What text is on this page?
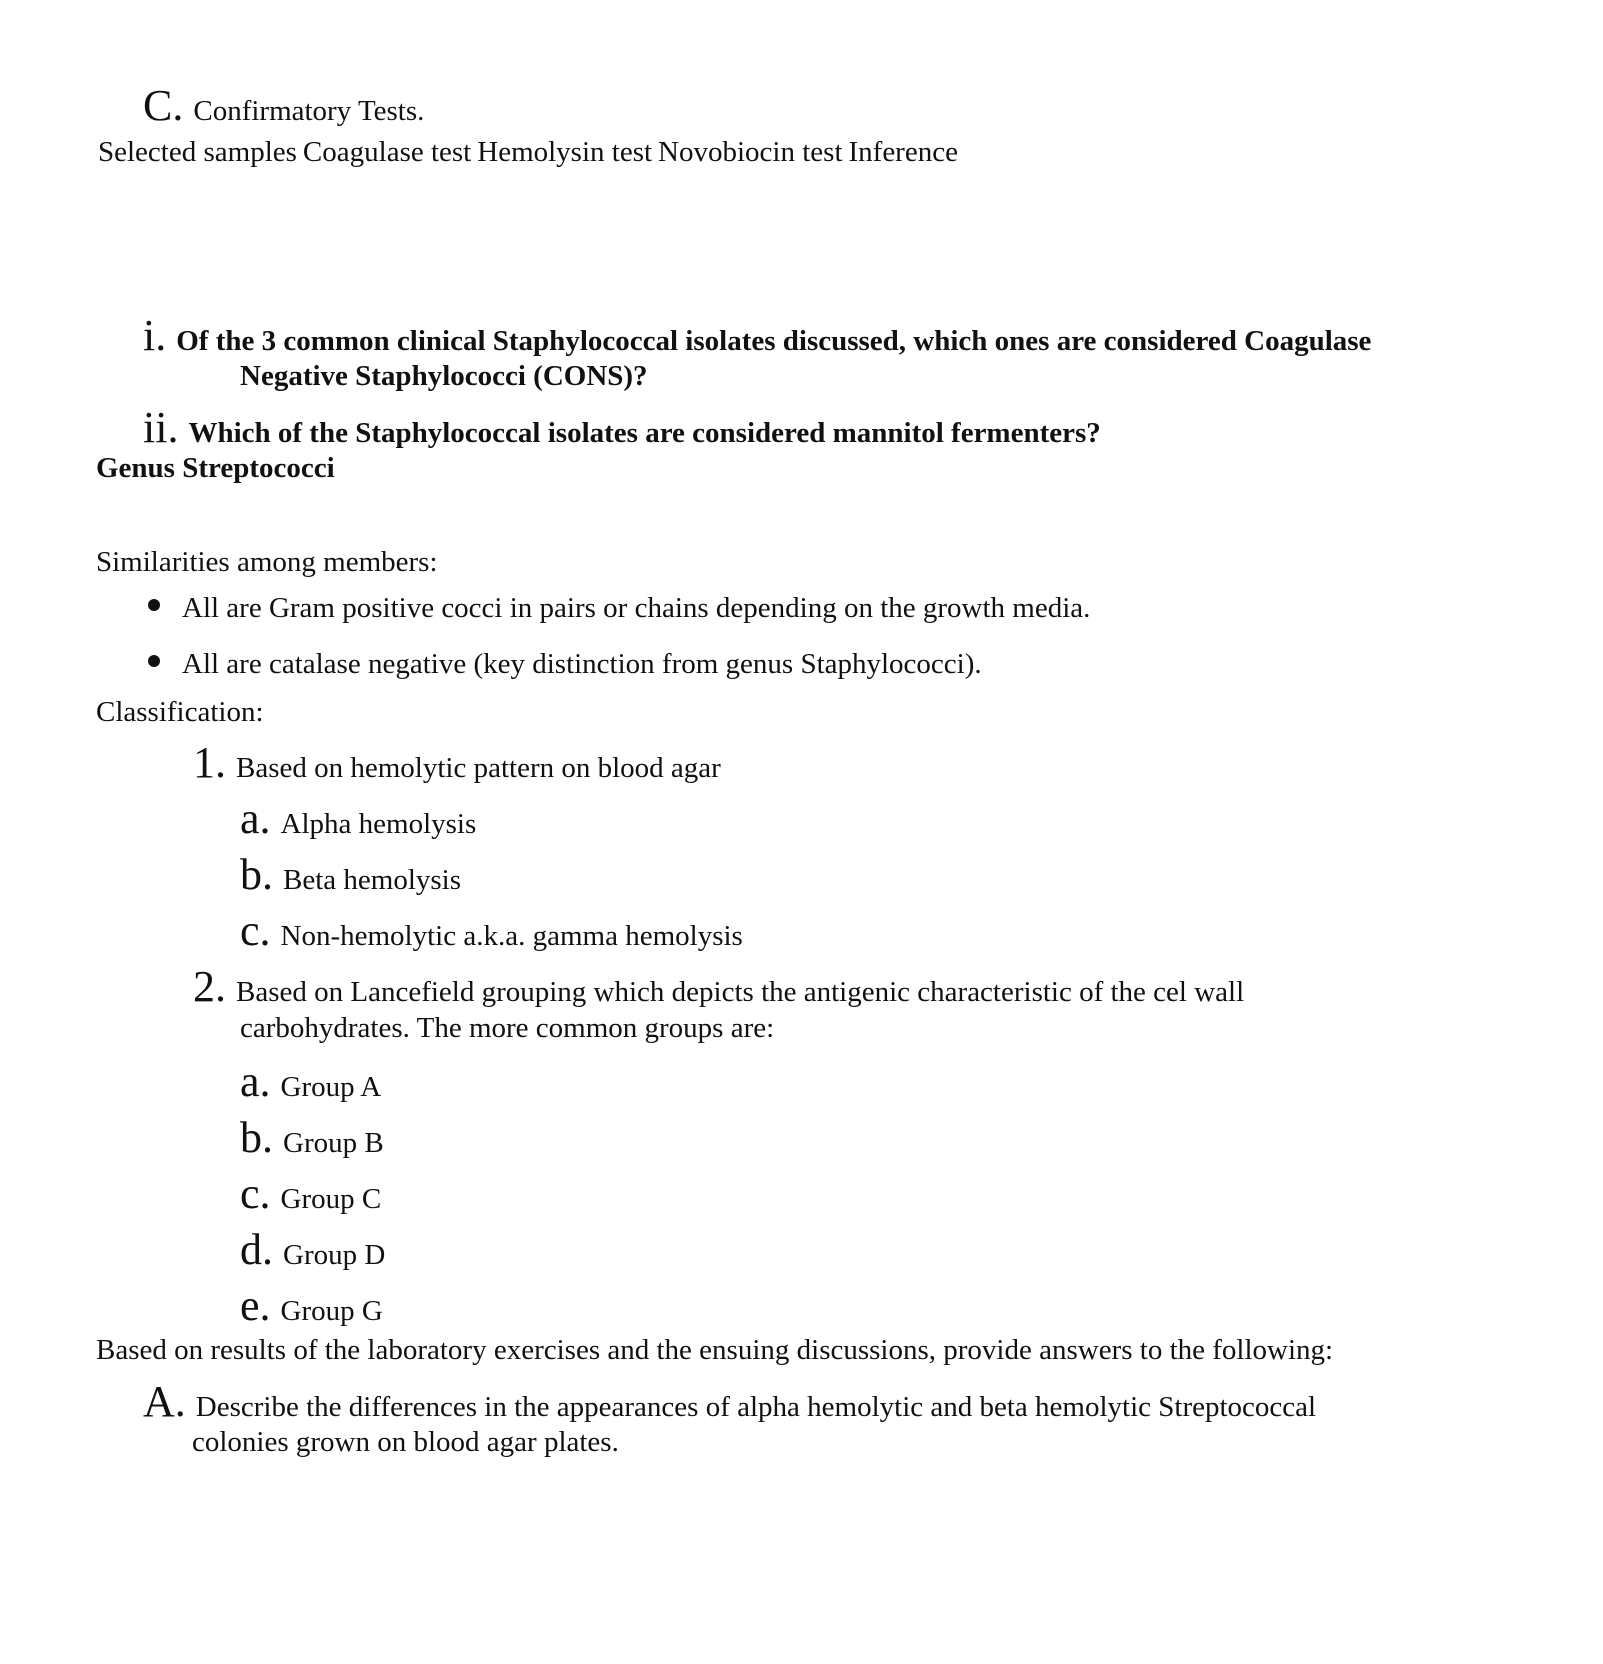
C. Confirmatory Tests.
Selected samples Coagulase test Hemolysin test Novobiocin test Inference
i. Of the 3 common clinical Staphylococcal isolates discussed, which ones are considered Coagulase
Negative Staphylococci (CONS)?
ii. Which of the Staphylococcal isolates are considered mannitol fermenters?
Genus Streptococci
Similarities among members:
All are Gram positive cocci in pairs or chains depending on the growth media.
All are catalase negative (key distinction from genus Staphylococci).
Classification:
1. Based on hemolytic pattern on blood agar
a. Alpha hemolysis
b. Beta hemolysis
c. Non-hemolytic a.k.a. gamma hemolysis
2. Based on Lancefield grouping which depicts the antigenic characteristic of the cel wall
carbohydrates. The more common groups are:
a. Group A
b. Group B
c. Group C
d. Group D
e. Group G
Based on results of the laboratory exercises and the ensuing discussions, provide answers to the following:
A. Describe the differences in the appearances of alpha hemolytic and beta hemolytic Streptococcal
colonies grown on blood agar plates.
